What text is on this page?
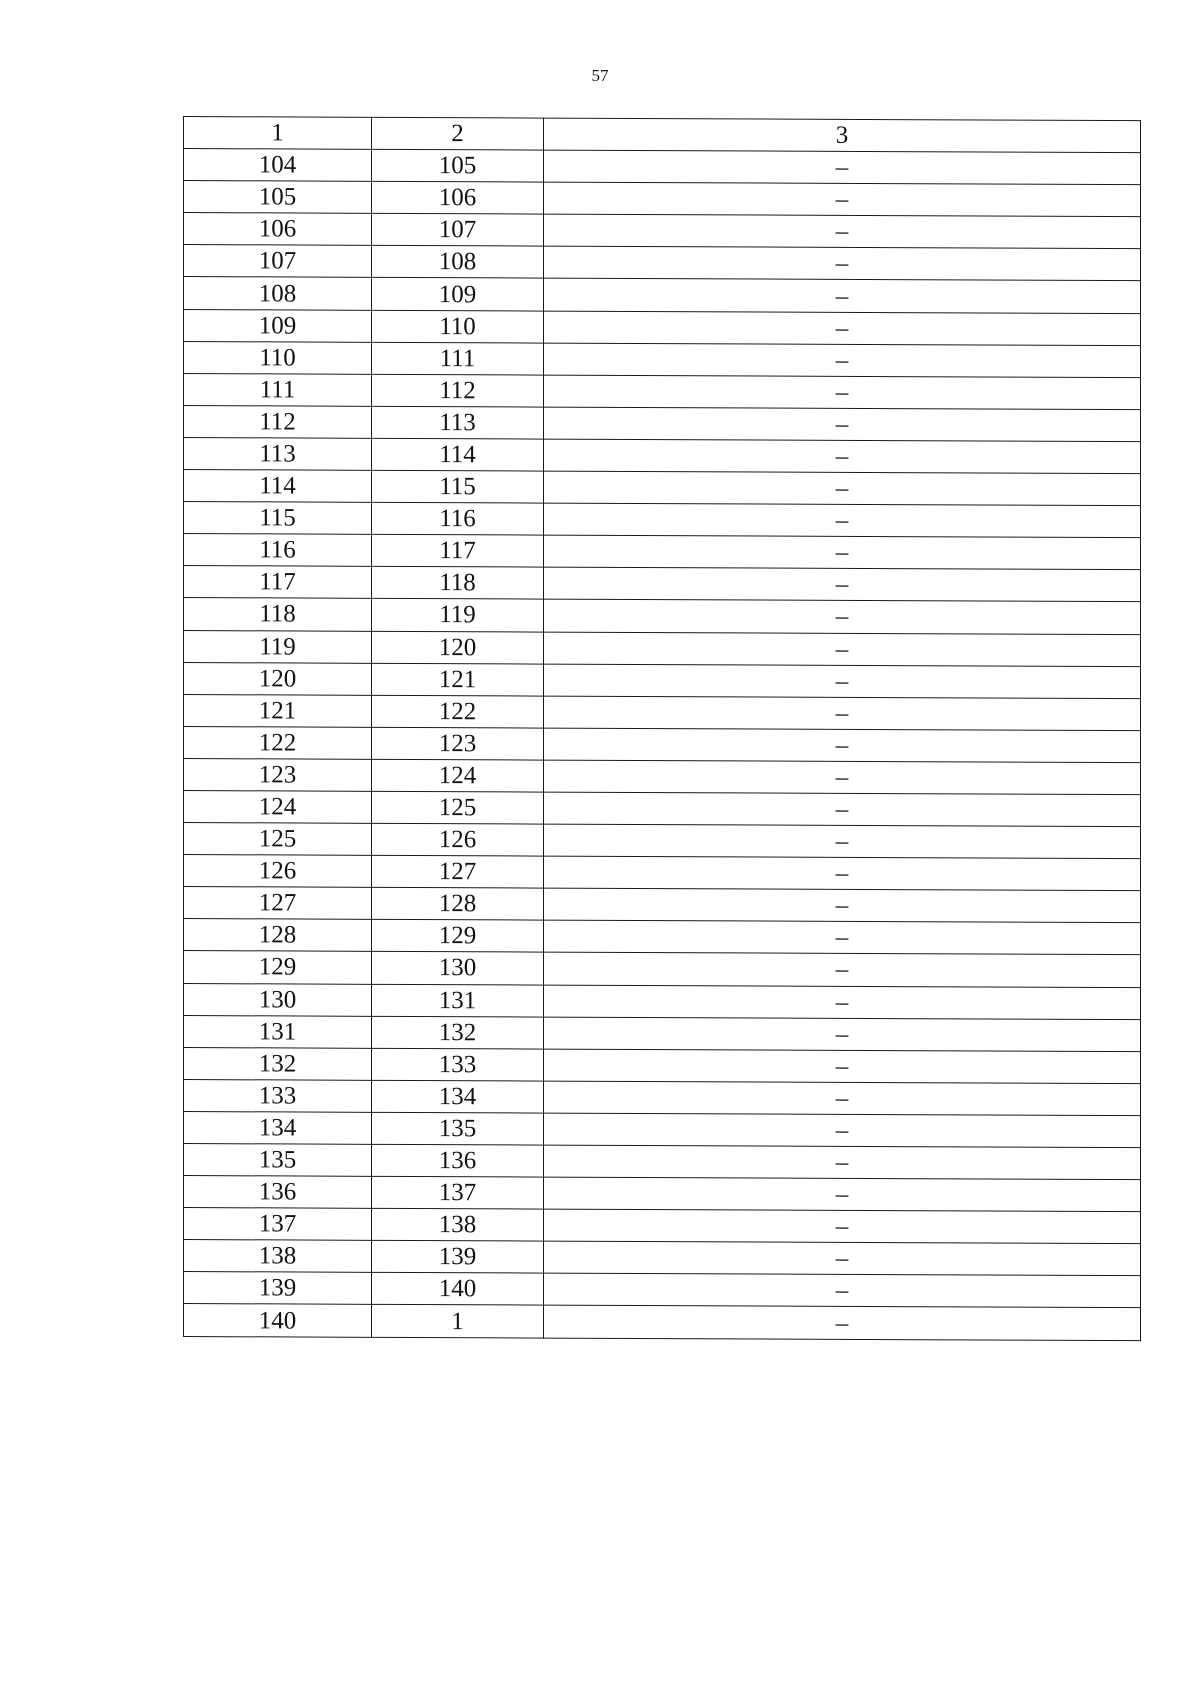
57
1	2	3
104	105	–
105	106	–
106	107	–
107	108	–
108	109	–
109	110	–
110	111	–
111	112	–
112	113	–
113	114	–
114	115	–
115	116	–
116	117	–
117	118	–
118	119	–
119	120	–
120	121	–
121	122	–
122	123	–
123	124	–
124	125	–
125	126	–
126	127	–
127	128	–
128	129	–
129	130	–
130	131	–
131	132	–
132	133	–
133	134	–
134	135	–
135	136	–
136	137	–
137	138	–
138	139	–
139	140	–
140	1	–
